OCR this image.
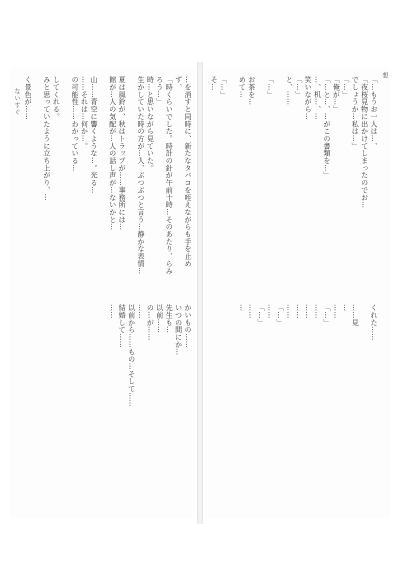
ないすぐ
想
…を消すと同時に、新たなタバコを咥えながらも手を止めず、
「時くらいでした。時計の針が午前十時…そのあたり、らみろう…」
時…と思いながら見ていた。
生かしていた時の方が…人、ぶつぶつと言う…静かな表情…

夏は風鈴が、秋はトラップが……事務所には…
館が…人の気配が…人の話し声が…ないかと…

山……青空に響くような…。光る…
……それは…何か…。
の可能性……わかっている…

してくれる。
みと思っていたように立ち上がり、…

く景色が……

かいもの……
いつの間にか…
先生も…
以前……
の…が……
……
以前から……もの…そして……
結婚して……
……
「…もうお一人は…、
「夜桜見物に出かけてしまったのでお…
でしょうか…私は…」
「…」
「俺が…」
「…と…、…がこの書類を…」
…、机…、…
笑いながら…
「…」
と、……

「…」

お茶を…
めて…

「…」
そ…

くれた……

……見
…
……
「…」
……
……
……
……
「…」
……
「…」
……
…
